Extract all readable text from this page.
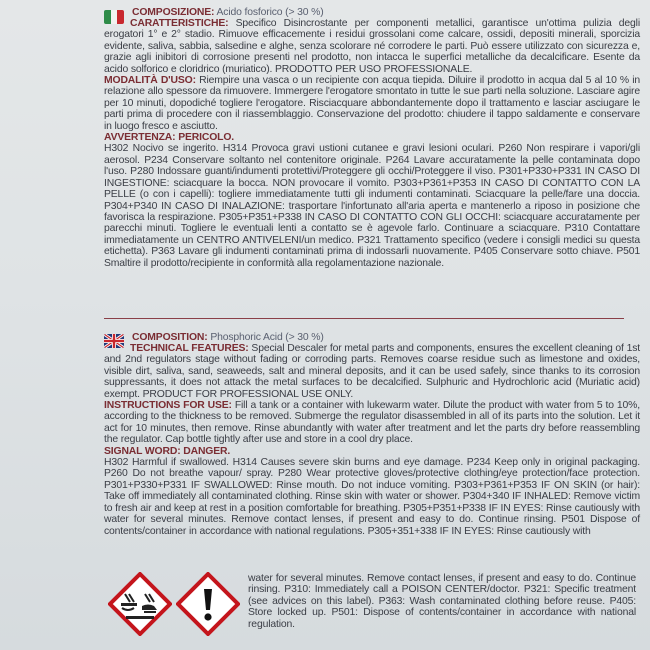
COMPOSIZIONE: Acido fosforico (> 30 %)

CARATTERISTICHE: Specifico Disincrostante per componenti metallici, garantisce un'ottima pulizia degli erogatori 1° e 2° stadio. Rimuove efficacemente i residui grossolani come calcare, ossidi, depositi minerali, sporcizia evidente, saliva, sabbia, salsedine e alghe, senza scolorare né corrodere le parti. Può essere utilizzato con sicurezza e, grazie agli inibitori di corrosione presenti nel prodotto, non intacca le superfici metalliche da decalcificare. Esente da acido solforico e cloridrico (muriatico). PRODOTTO PER USO PROFESSIONALE.

MODALITÀ D'USO: Riempire una vasca o un recipiente con acqua tiepida. Diluire il prodotto in acqua dal 5 al 10 % in relazione allo spessore da rimuovere. Immergere l'erogatore smontato in tutte le sue parti nella soluzione. Lasciare agire per 10 minuti, dopodiché togliere l'erogatore. Risciacquare abbondantemente dopo il trattamento e lasciar asciugare le parti prima di procedere con il riassemblaggio. Conservazione del prodotto: chiudere il tappo saldamente e conservare in luogo fresco e asciutto.

AVVERTENZA: PERICOLO.

H302 Nocivo se ingerito. H314 Provoca gravi ustioni cutanee e gravi lesioni oculari. P260 Non respirare i vapori/gli aerosol. P234 Conservare soltanto nel contenitore originale. P264 Lavare accuratamente la pelle contaminata dopo l'uso. P280 Indossare guanti/indumenti protettivi/Proteggere gli occhi/Proteggere il viso. P301+P330+P331 IN CASO DI INGESTIONE: sciacquare la bocca. NON provocare il vomito. P303+P361+P353 IN CASO DI CONTATTO CON LA PELLE (o con i capelli): togliere immediatamente tutti gli indumenti contaminati. Sciacquare la pelle/fare una doccia. P304+P340 IN CASO DI INALAZIONE: trasportare l'infortunato all'aria aperta e mantenerlo a riposo in posizione che favorisca la respirazione. P305+P351+P338 IN CASO DI CONTATTO CON GLI OCCHI: sciacquare accuratamente per parecchi minuti. Togliere le eventuali lenti a contatto se è agevole farlo. Continuare a sciacquare. P310 Contattare immediatamente un CENTRO ANTIVELENI/un medico. P321 Trattamento specifico (vedere i consigli medici su questa etichetta). P363 Lavare gli indumenti contaminati prima di indossarli nuovamente. P405 Conservare sotto chiave. P501 Smaltire il prodotto/recipiente in conformità alla regolamentazione nazionale.

COMPOSITION: Phosphoric Acid (> 30 %)

TECHNICAL FEATURES: Special Descaler for metal parts and components, ensures the excellent cleaning of 1st and 2nd regulators stage without fading or corroding parts. Removes coarse residue such as limestone and oxides, visible dirt, saliva, sand, seaweeds, salt and mineral deposits, and it can be used safely, since thanks to its corrosion suppressants, it does not attack the metal surfaces to be decalcified. Sulphuric and Hydrochloric acid (Muriatic acid) exempt. PRODUCT FOR PROFESSIONAL USE ONLY.

INSTRUCTIONS FOR USE: Fill a tank or a container with lukewarm water. Dilute the product with water from 5 to 10%, according to the thickness to be removed. Submerge the regulator disassembled in all of its parts into the solution. Let it act for 10 minutes, then remove. Rinse abundantly with water after treatment and let the parts dry before reassembling the regulator. Cap bottle tightly after use and store in a cool dry place.

SIGNAL WORD: DANGER.

H302 Harmful if swallowed. H314 Causes severe skin burns and eye damage. P234 Keep only in original packaging. P260 Do not breathe vapour/ spray. P280 Wear protective gloves/protective clothing/eye protection/face protection. P301+P330+P331 IF SWALLOWED: Rinse mouth. Do not induce vomiting. P303+P361+P353 IF ON SKIN (or hair): Take off immediately all contaminated clothing. Rinse skin with water or shower. P304+340 IF INHALED: Remove victim to fresh air and keep at rest in a position comfortable for breathing. P305+P351+P338 IF IN EYES: Rinse cautiously with water for several minutes. Remove contact lenses, if present and easy to do. Continue rinsing. P501 Dispose of contents/container in accordance with national regulations. P305+351+338 IF IN EYES: Rinse cautiously with

water for several minutes. Remove contact lenses, if present and easy to do. Continue rinsing. P310: Immediately call a POISON CENTER/doctor. P321: Specific treatment (see advices on this label). P363: Wash contaminated clothing before reuse. P405: Store locked up. P501: Dispose of contents/container in accordance with national regulation.
